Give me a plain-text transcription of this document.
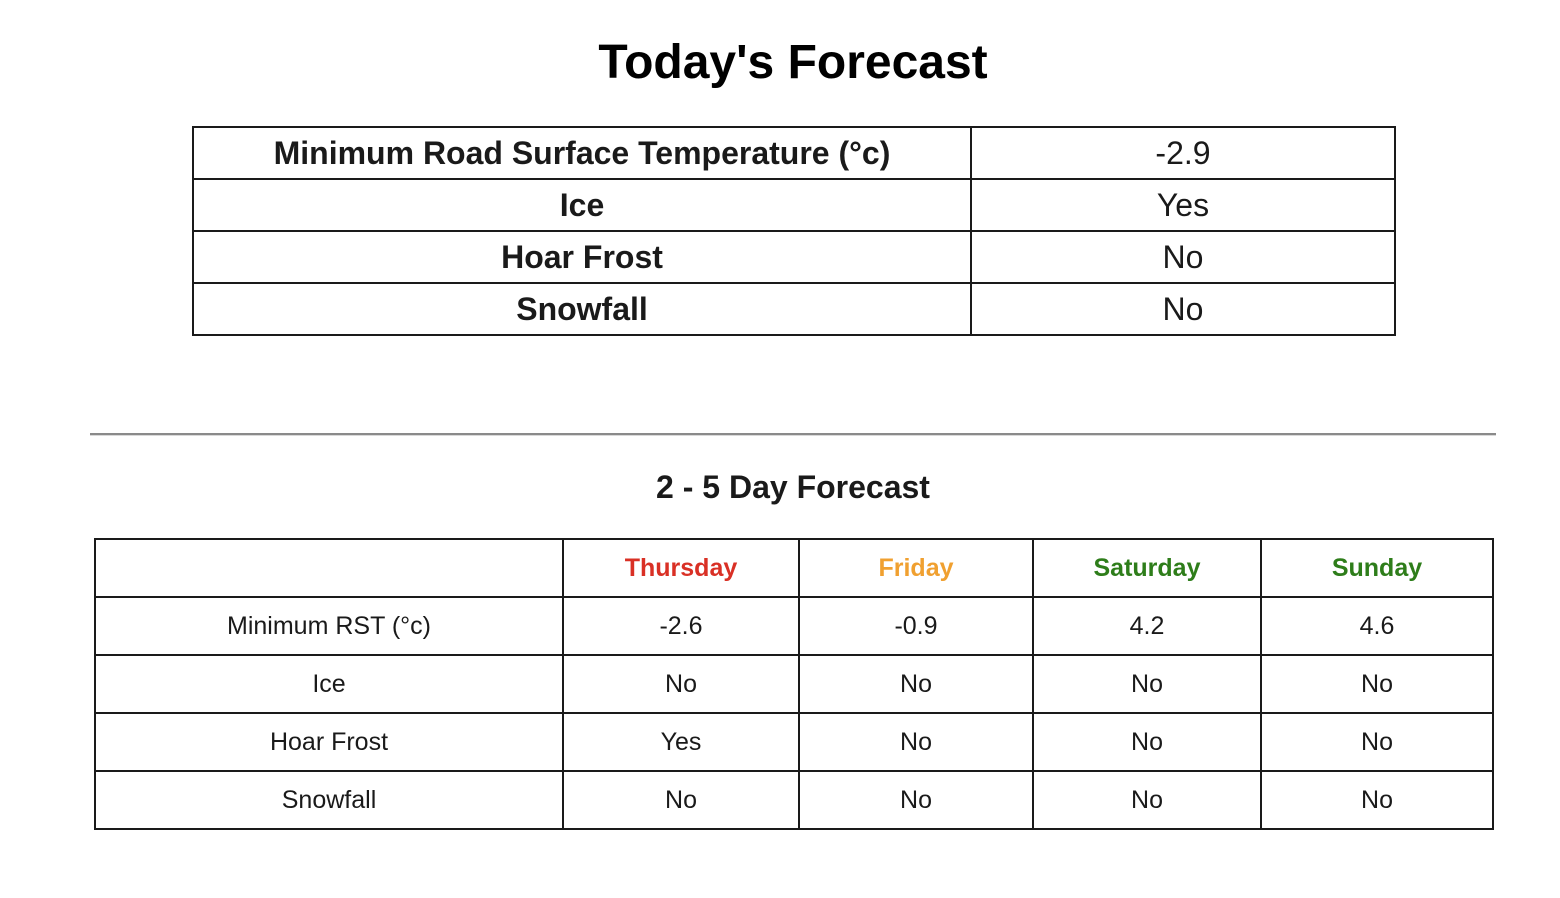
Today's Forecast
Minimum Road Surface Temperature (°c)	-2.9
Ice	Yes
Hoar Frost	No
Snowfall	No
2 - 5 Day Forecast
	Thursday	Friday	Saturday	Sunday
Minimum RST (°c)	-2.6	-0.9	4.2	4.6
Ice	No	No	No	No
Hoar Frost	Yes	No	No	No
Snowfall	No	No	No	No
